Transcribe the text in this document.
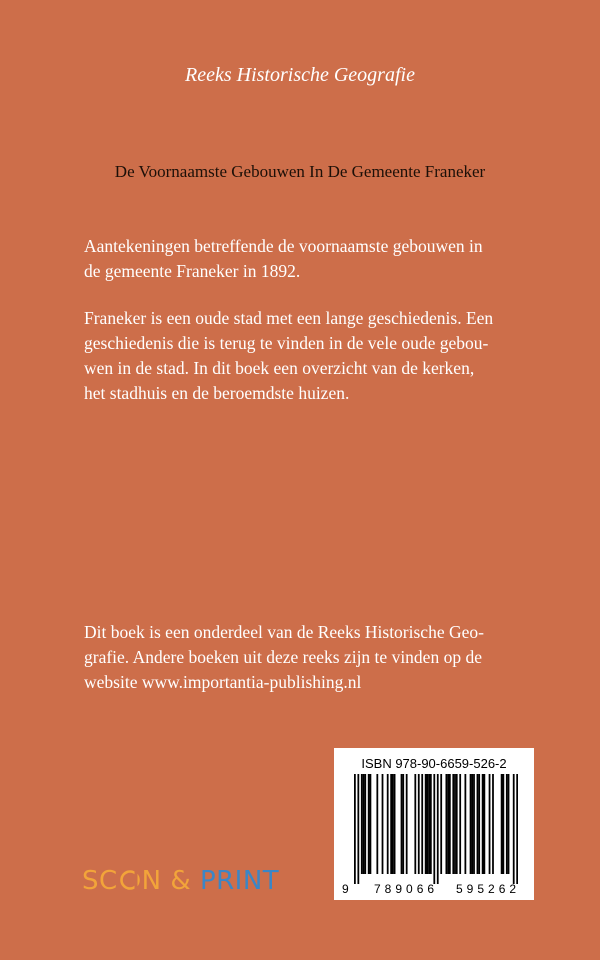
Reeks Historische Geografie
De Voornaamste Gebouwen In De Gemeente Franeker
Aantekeningen betreffende de voornaamste gebouwen in
de gemeente Franeker in 1892.
Franeker is een oude stad met een lange geschiedenis. Een
geschiedenis die is terug te vinden in de vele oude gebou-
wen in de stad. In dit boek een overzicht van de kerken,
het stadhuis en de beroemdste huizen.
Dit boek is een onderdeel van de Reeks Historische Geo-
grafie. Andere boeken uit deze reeks zijn te vinden op de
website www.importantia-publishing.nl
SC N & PRINT
ISBN 978-90-6659-526-2
9 789066 595262
